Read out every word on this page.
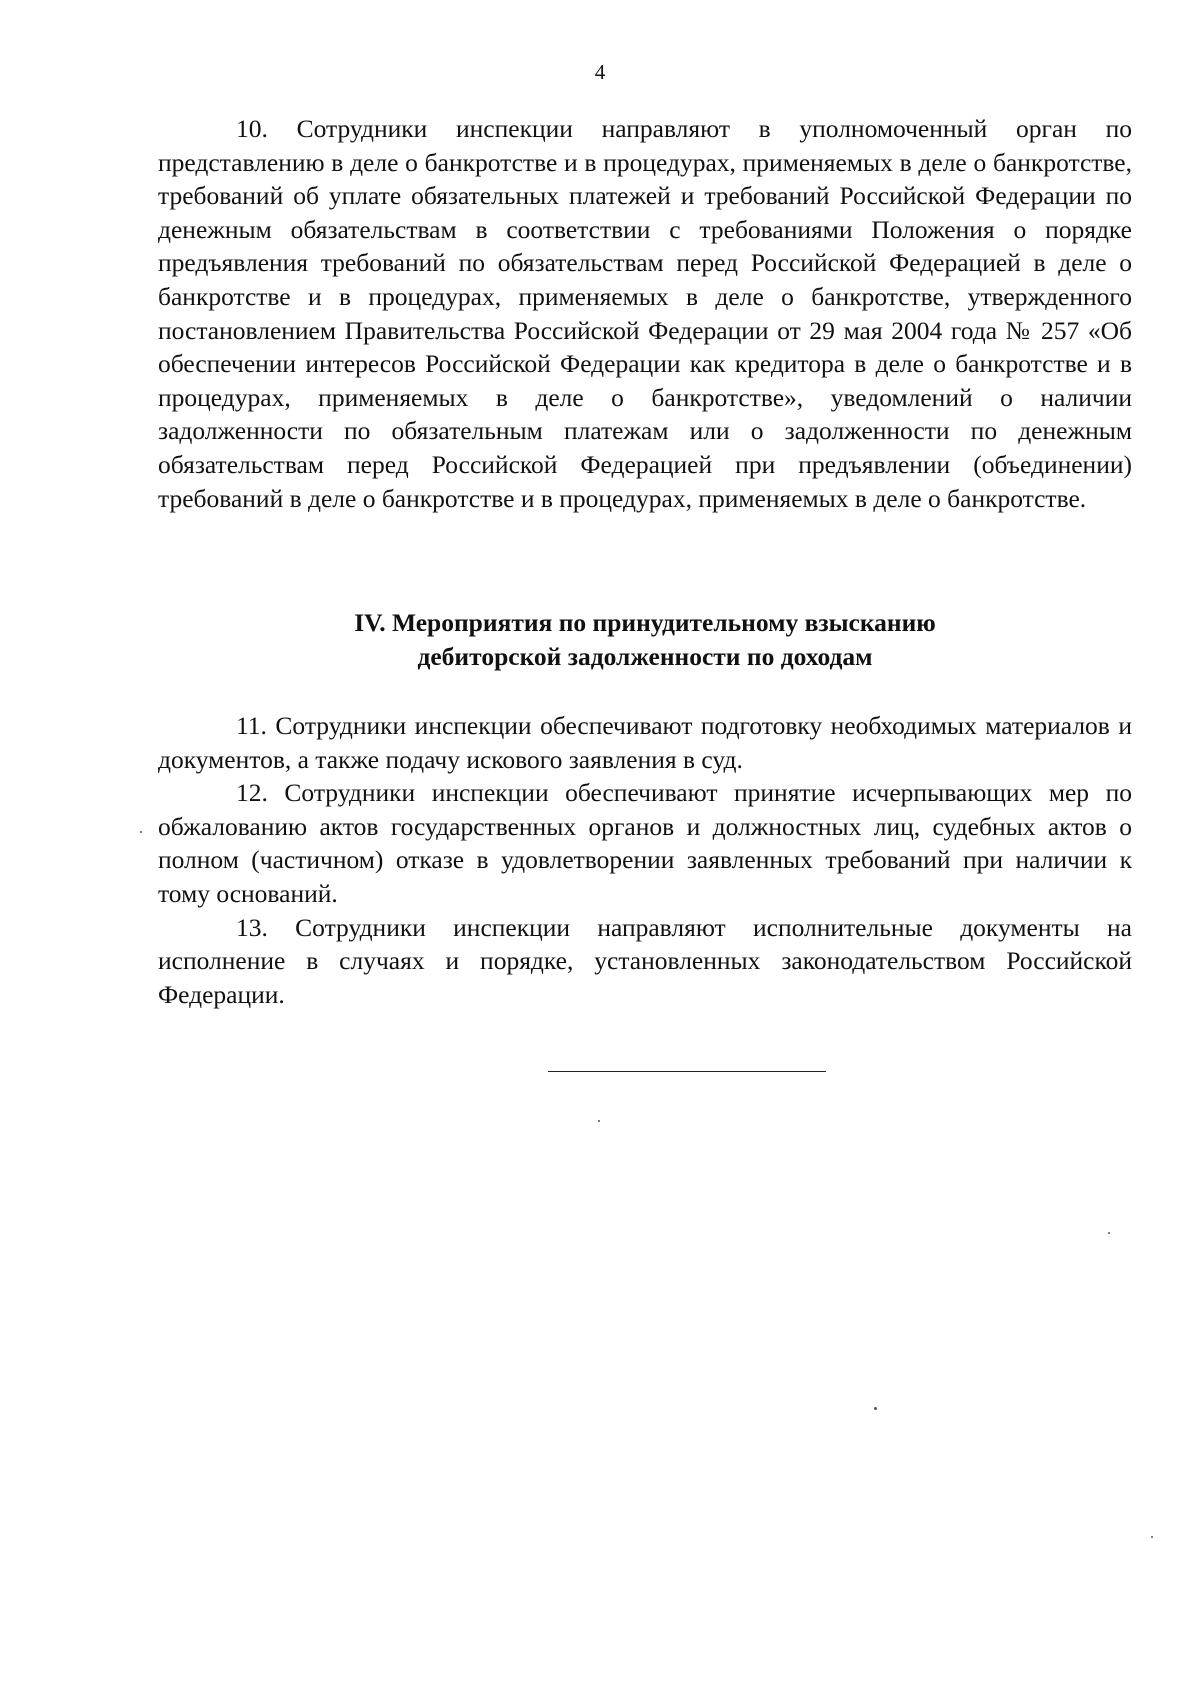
4

10. Сотрудники инспекции направляют в уполномоченный орган по представлению в деле о банкротстве и в процедурах, применяемых в деле о банкротстве, требований об уплате обязательных платежей и требований Российской Федерации по денежным обязательствам в соответствии с требованиями Положения о порядке предъявления требований по обязательствам перед Российской Федерацией в деле о банкротстве и в процедурах, применяемых в деле о банкротстве, утвержденного постановлением Правительства Российской Федерации от 29 мая 2004 года № 257 «Об обеспечении интересов Российской Федерации как кредитора в деле о банкротстве и в процедурах, применяемых в деле о банкротстве», уведомлений о наличии задолженности по обязательным платежам или о задолженности по денежным обязательствам перед Российской Федерацией при предъявлении (объединении) требований в деле о банкротстве и в процедурах, применяемых в деле о банкротстве.

IV. Мероприятия по принудительному взысканию
дебиторской задолженности по доходам

11. Сотрудники инспекции обеспечивают подготовку необходимых материалов и документов, а также подачу искового заявления в суд.

12. Сотрудники инспекции обеспечивают принятие исчерпывающих мер по обжалованию актов государственных органов и должностных лиц, судебных актов о полном (частичном) отказе в удовлетворении заявленных требований при наличии к тому оснований.

13. Сотрудники инспекции направляют исполнительные документы на исполнение в случаях и порядке, установленных законодательством Российской Федерации.
